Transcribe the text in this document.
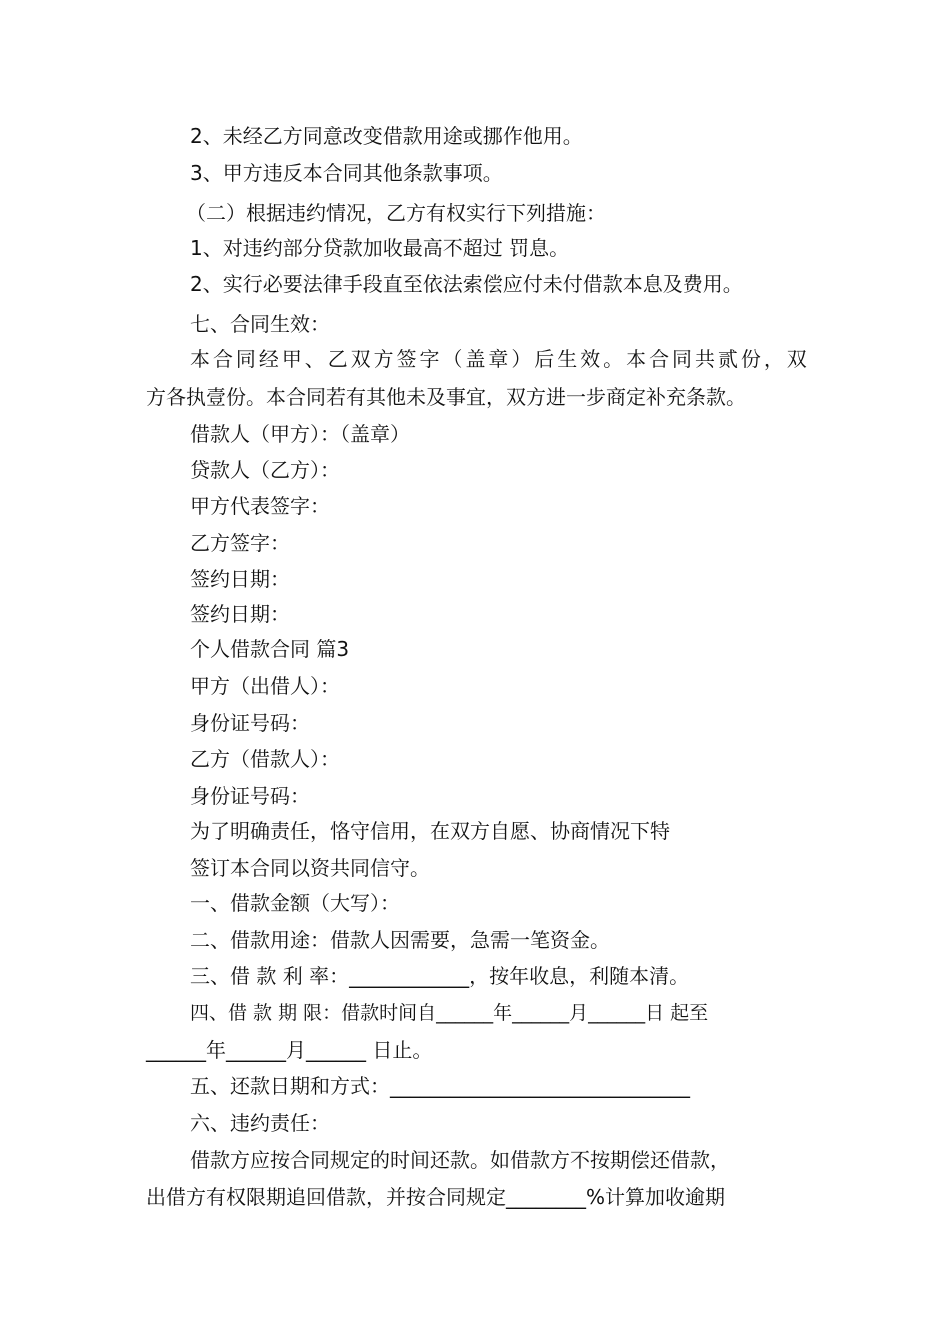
2、未经乙方同意改变借款用途或挪作他用。
3、甲方违反本合同其他条款事项。
（二）根据违约情况，乙方有权实行下列措施：
1、对违约部分贷款加收最高不超过 罚息。
2、实行必要法律手段直至依法索偿应付未付借款本息及费用。
七、合同生效：
本合同经甲、乙双方签字（盖章）后生效。本合同共贰份，双
方各执壹份。本合同若有其他未及事宜，双方进一步商定补充条款。
借款人（甲方）：（盖章）
贷款人（乙方）：
甲方代表签字：
乙方签字：
签约日期：
签约日期：
个人借款合同 篇3
甲方（出借人）：
身份证号码：
乙方（借款人）：
身份证号码：
为了明确责任，恪守信用，在双方自愿、协商情况下特
签订本合同以资共同信守。
一、借款金额（大写）：
二、借款用途：借款人因需要，急需一笔资金。
三、借 款 利 率：____________，按年收息，利随本清。
四、借 款 期 限：借款时间自______年______月______日 起至
______年______月______ 日止。
五、还款日期和方式：______________________________
六、违约责任：
借款方应按合同规定的时间还款。如借款方不按期偿还借款，
出借方有权限期追回借款，并按合同规定________%计算加收逾期
